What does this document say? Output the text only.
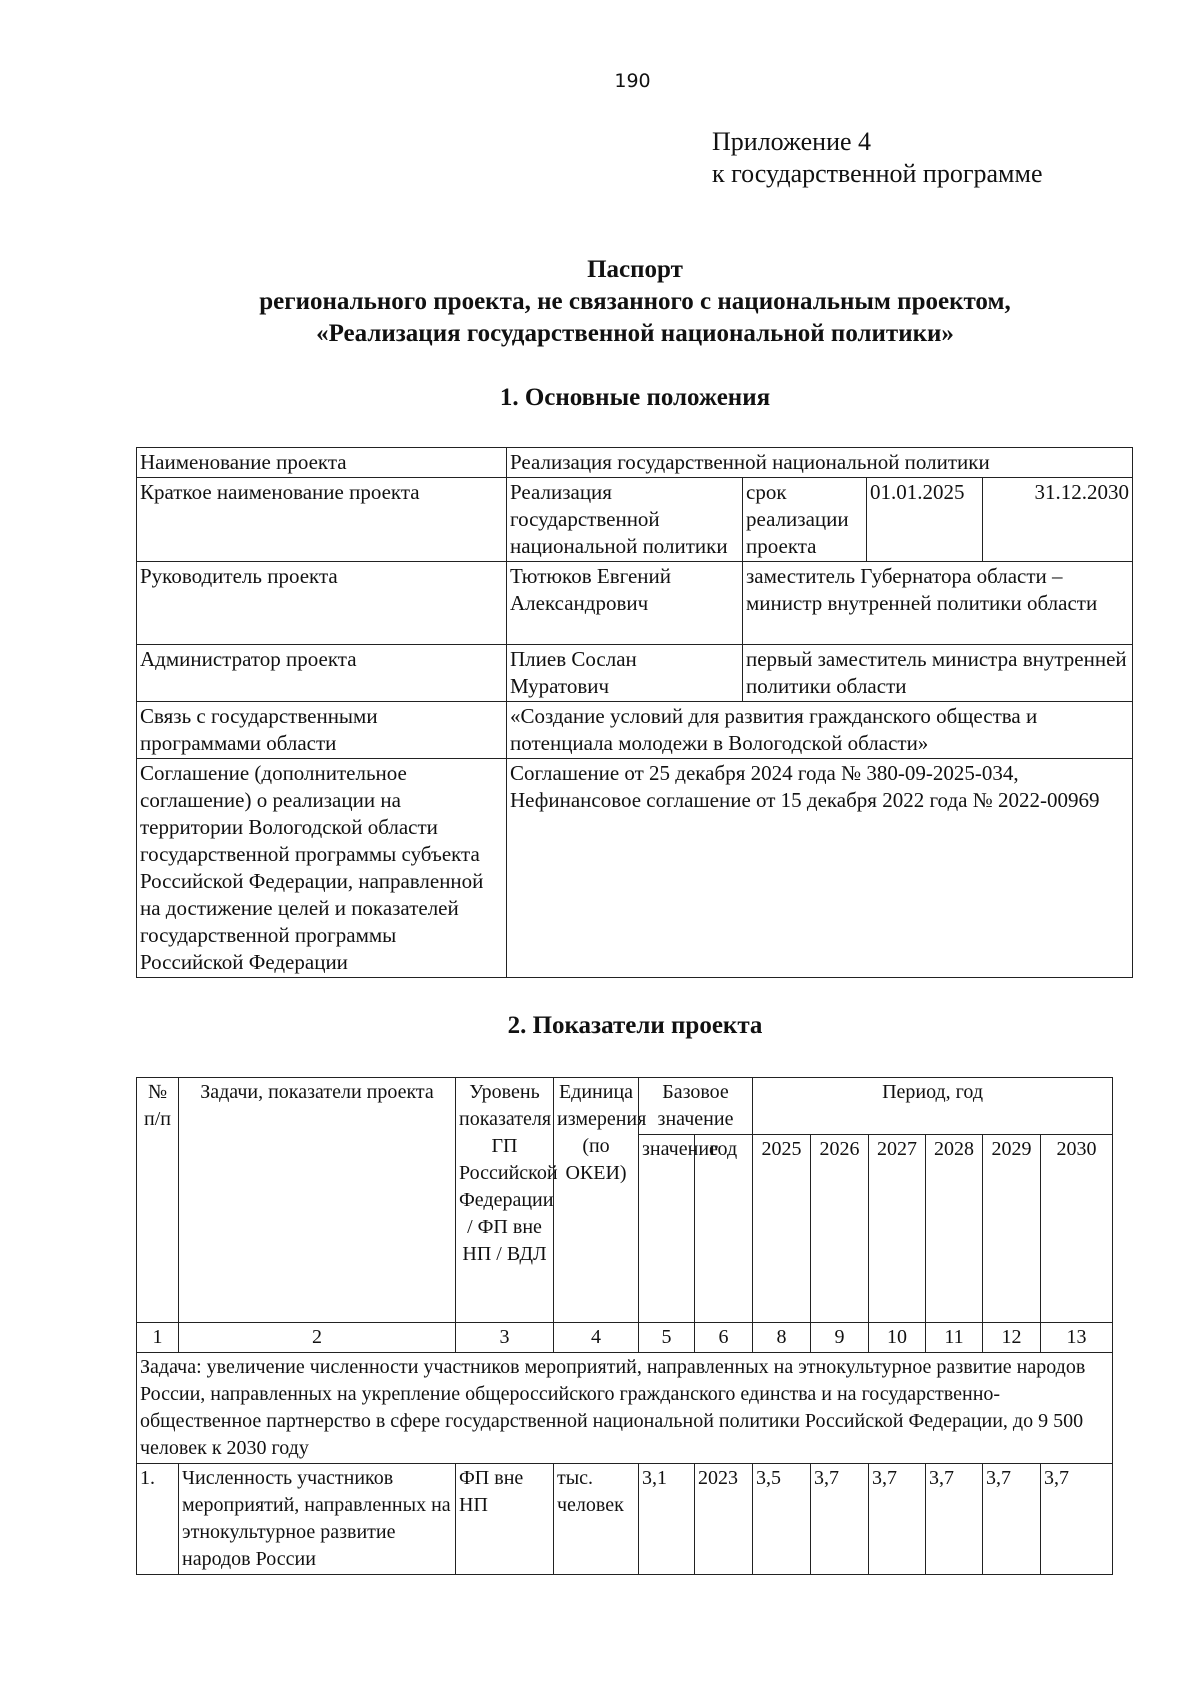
190
Приложение 4
к государственной программе
Паспорт
регионального проекта, не связанного с национальным проектом,
«Реализация государственной национальной политики»
1. Основные положения
Наименование проекта	Реализация государственной национальной политики			
Краткое наименование проекта	Реализация государственной национальной политики	срок реализации проекта	01.01.2025	31.12.2030
Руководитель проекта	Тютюков Евгений Александрович	заместитель Губернатора области – министр внутренней политики области		
Администратор проекта	Плиев Сослан Муратович	первый заместитель министра внутренней политики области		
Связь с государственными программами области	«Создание условий для развития гражданского общества и потенциала молодежи в Вологодской области»			
Соглашение (дополнительное соглашение) о реализации на территории Вологодской области государственной программы субъекта Российской Федерации, направленной на достижение целей и показателей государственной программы Российской Федерации	Соглашение от 25 декабря 2024 года № 380-09-2025-034,
Нефинансовое соглашение от 15 декабря 2022 года № 2022-00969			
2. Показатели проекта
№ п/п	Задачи, показатели проекта	Уровень показателя ГП Российской Федерации / ФП вне НП / ВДЛ	Единица измерения (по ОКЕИ)	Базовое значение		Период, год					
				значение	год	2025	2026	2027	2028	2029	2030
1	2	3	4	5	6	8	9	10	11	12	13
Задача: увеличение численности участников мероприятий, направленных на этнокультурное развитие народов России, направленных на укрепление общероссийского гражданского единства и на государственно-общественное партнерство в сфере государственной национальной политики Российской Федерации, до 9 500 человек к 2030 году											
1.	Численность участников мероприятий, направленных на этнокультурное развитие народов России	ФП вне НП	тыс. человек	3,1	2023	3,5	3,7	3,7	3,7	3,7	3,7
